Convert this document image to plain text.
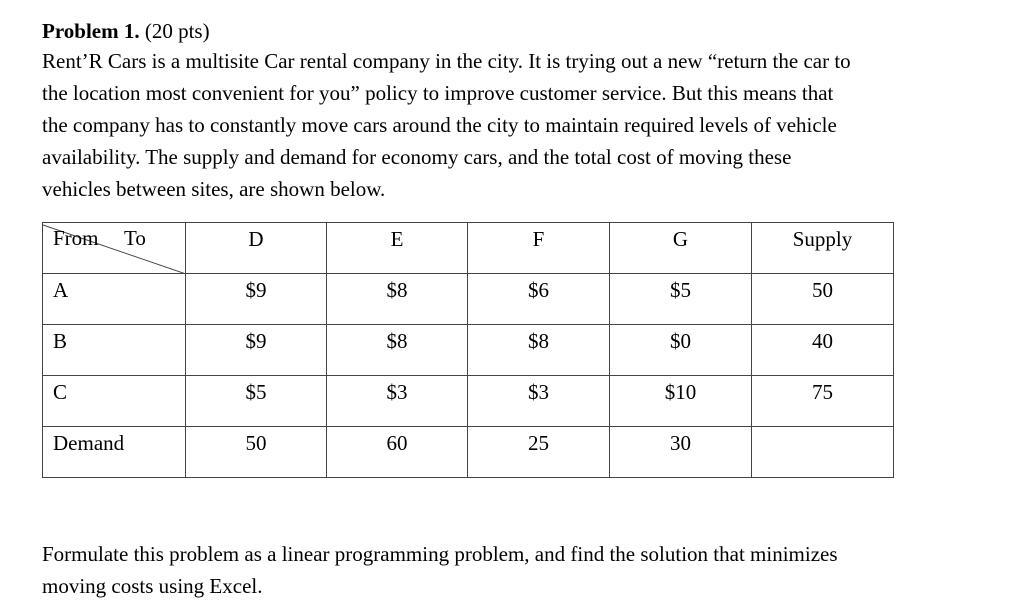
Problem 1. (20 pts)
Rent’R Cars is a multisite Car rental company in the city. It is trying out a new “return the car to
the location most convenient for you” policy to improve customer service. But this means that
the company has to constantly move cars around the city to maintain required levels of vehicle
availability. The supply and demand for economy cars, and the total cost of moving these
vehicles between sites, are shown below.
From To	D	E	F	G	Supply
A	$9	$8	$6	$5	50
B	$9	$8	$8	$0	40
C	$5	$3	$3	$10	75
Demand	50	60	25	30	
Formulate this problem as a linear programming problem, and find the solution that minimizes
moving costs using Excel.
